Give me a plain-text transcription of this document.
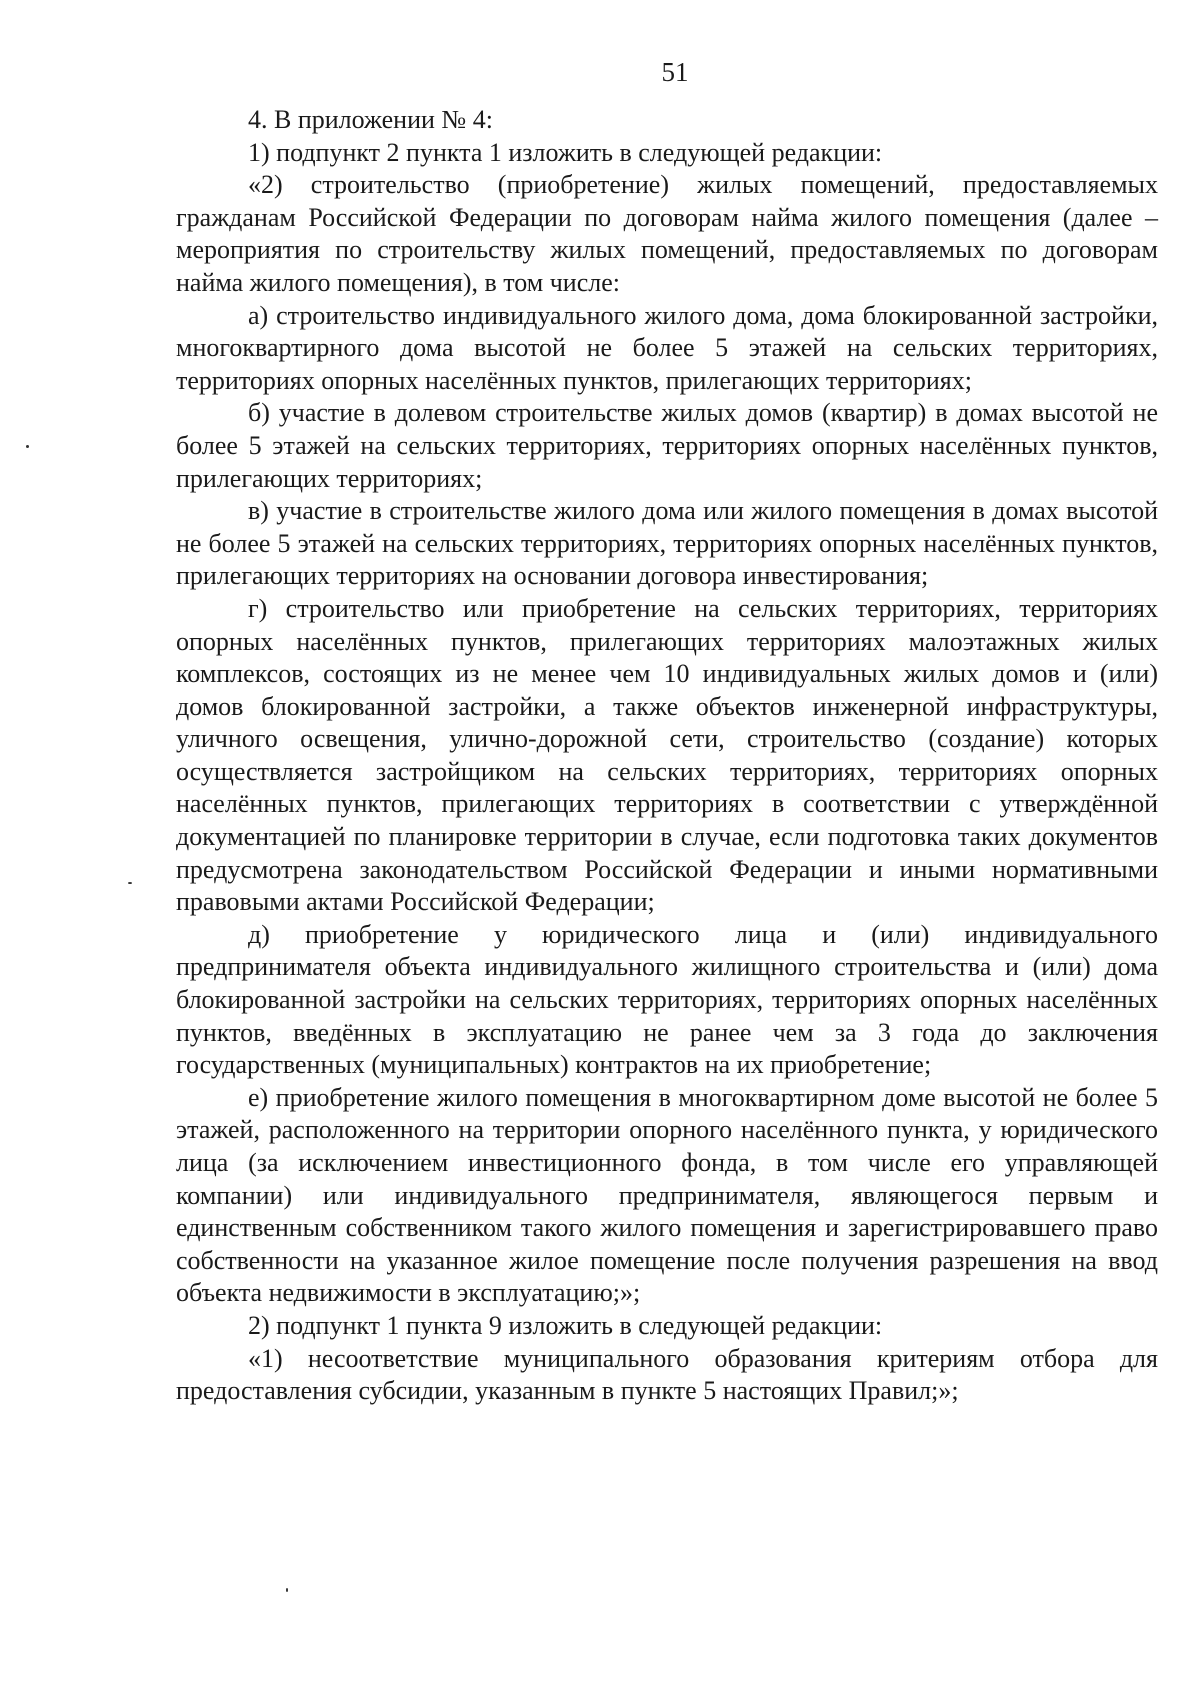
51

4. В приложении № 4:

1) подпункт 2 пункта 1 изложить в следующей редакции:

«2) строительство (приобретение) жилых помещений, предоставляемых гражданам Российской Федерации по договорам найма жилого помещения (далее – мероприятия по строительству жилых помещений, предоставляемых по договорам найма жилого помещения), в том числе:

а) строительство индивидуального жилого дома, дома блокированной застройки, многоквартирного дома высотой не более 5 этажей на сельских территориях, территориях опорных населённых пунктов, прилегающих территориях;

б) участие в долевом строительстве жилых домов (квартир) в домах высотой не более 5 этажей на сельских территориях, территориях опорных населённых пунктов, прилегающих территориях;

в) участие в строительстве жилого дома или жилого помещения в домах высотой не более 5 этажей на сельских территориях, территориях опорных населённых пунктов, прилегающих территориях на основании договора инвестирования;

г) строительство или приобретение на сельских территориях, территориях опорных населённых пунктов, прилегающих территориях малоэтажных жилых комплексов, состоящих из не менее чем 10 индивидуальных жилых домов и (или) домов блокированной застройки, а также объектов инженерной инфраструктуры, уличного освещения, улично-дорожной сети, строительство (создание) которых осуществляется застройщиком на сельских территориях, территориях опорных населённых пунктов, прилегающих территориях в соответствии с утверждённой документацией по планировке территории в случае, если подготовка таких документов предусмотрена законодательством Российской Федерации и иными нормативными правовыми актами Российской Федерации;

д) приобретение у юридического лица и (или) индивидуального предпринимателя объекта индивидуального жилищного строительства и (или) дома блокированной застройки на сельских территориях, территориях опорных населённых пунктов, введённых в эксплуатацию не ранее чем за 3 года до заключения государственных (муниципальных) контрактов на их приобретение;

е) приобретение жилого помещения в многоквартирном доме высотой не более 5 этажей, расположенного на территории опорного населённого пункта, у юридического лица (за исключением инвестиционного фонда, в том числе его управляющей компании) или индивидуального предпринимателя, являющегося первым и единственным собственником такого жилого помещения и зарегистрировавшего право собственности на указанное жилое помещение после получения разрешения на ввод объекта недвижимости в эксплуатацию;»;

2) подпункт 1 пункта 9 изложить в следующей редакции:

«1) несоответствие муниципального образования критериям отбора для предоставления субсидии, указанным в пункте 5 настоящих Правил;»;
